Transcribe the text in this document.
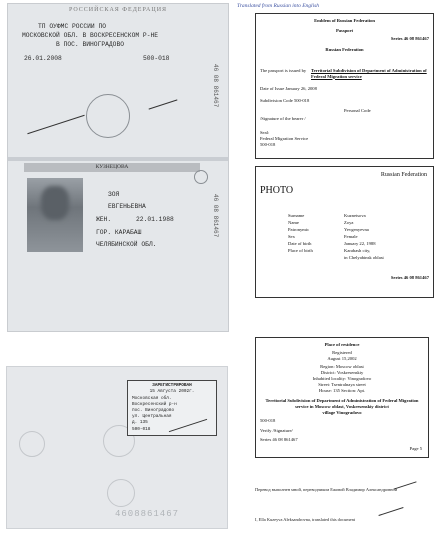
РОССИЙСКАЯ ФЕДЕРАЦИЯ
ТП ОУФМС РОССИИ ПО
МОСКОВСКОЙ ОБЛ. В ВОСКРЕСЕНСКОМ Р-НЕ
В ПОС. ВИНОГРАДОВО
26.01.2008	500-018
46 08 861467
КУЗНЕЦОВА
ЗОЯ
ЕВГЕНЬЕВНА
ЖЕН.	22.01.1988
ГОР. КАРАБАШ
ЧЕЛЯБИНСКОЙ ОБЛ.
46 08 861467
Translated from Russian into English
Emblem of Russian Federation
Passport
Series 46 08 861467
Russian Federation
The passport is issued by Territorial Subdivision of Department of Administration of Federal Migration service
Date of Issue January 26, 2008
Subdivision Code 500-018
Personal Code
/Signature of the bearer /
Seal:
Federal Migration Service
500-018
Russian Federation
PHOTO
Surname
Name
Patronymic
Sex
Date of birth
Place of birth
Kuznetsova
Zoya
Yevgenyevna
Female
January 22, 1988
Karabash city,
in Chelyabinsk oblast
Series 46 08 861467
Place of residence
Registered
August 15,2002
Region: Moscow oblast
District: Voskresenskiy
Inhabited locality: Vinogradovo
Street: Tsentralnaya street
House: 135 Section: Apt.
Territorial Subdivision of Department of Administration of Federal Migration
service in Moscow oblast, Voskresenskiy district
village Vinogradovo
500-018
Verify /Signature/
Series 46 08 861467
Page 5
4608861467
ЗАРЕГИСТРИРОВАН
15 Августа 2002г.
Московская обл.
Воскресенский р-н
пос. Виноградово
ул. Центральная
д. 135
500-018
Перевод выполнен мной, переводчиком Ежовой Владимир Александровной
I, Ella Kuzeyva Aleksandrovna, translated this document
